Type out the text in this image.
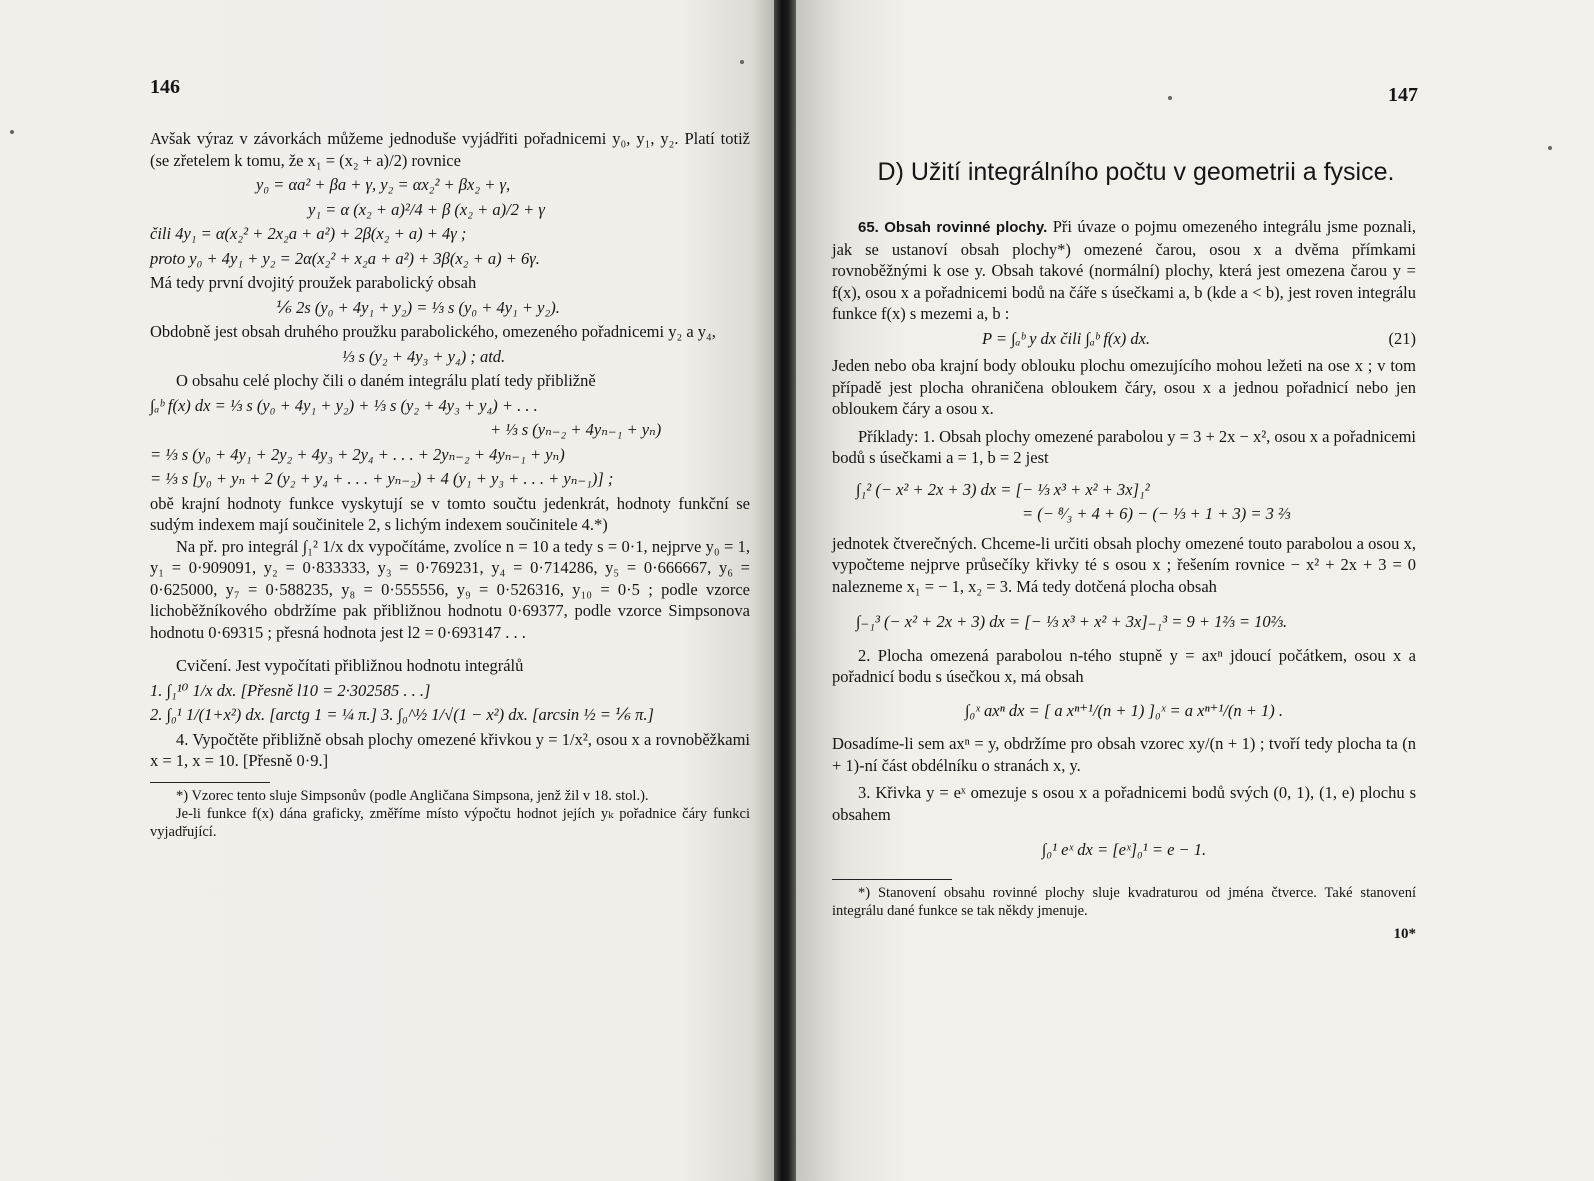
146

Avšak výraz v závorkách můžeme jednoduše vyjádřiti pořadnicemi y₀, y₁, y₂. Platí totiž (se zřetelem k tomu, že x₁ = (x₂ + a)/2) rovnice

y₀ = αa² + βa + γ, y₂ = αx₂² + βx₂ + γ,
y₁ = α (x₂ + a)²/4 + β (x₂ + a)/2 + γ
čili 4y₁ = α(x₂² + 2x₂a + a²) + 2β(x₂ + a) + 4γ ;
proto y₀ + 4y₁ + y₂ = 2α(x₂² + x₂a + a²) + 3β(x₂ + a) + 6γ.

Má tedy první dvojitý proužek parabolický obsah

⅙ 2s (y₀ + 4y₁ + y₂) = ⅓ s (y₀ + 4y₁ + y₂).

Obdobně jest obsah druhého proužku parabolického, omezeného pořadnicemi y₂ a y₄,

⅓ s (y₂ + 4y₃ + y₄) ; atd.

O obsahu celé plochy čili o daném integrálu platí tedy přibližně

∫ₐᵇ f(x) dx = ⅓ s (y₀ + 4y₁ + y₂) + ⅓ s (y₂ + 4y₃ + y₄) + . . .
+ ⅓ s (yₙ₋₂ + 4yₙ₋₁ + yₙ)
= ⅓ s (y₀ + 4y₁ + 2y₂ + 4y₃ + 2y₄ + . . . + 2yₙ₋₂ + 4yₙ₋₁ + yₙ)
= ⅓ s [y₀ + yₙ + 2 (y₂ + y₄ + . . . + yₙ₋₂) + 4 (y₁ + y₃ + . . . + yₙ₋₁)] ;

obě krajní hodnoty funkce vyskytují se v tomto součtu jedenkrát, hodnoty funkční se sudým indexem mají součinitele 2, s lichým indexem součinitele 4.*)

Na př. pro integrál ∫₁² 1/x dx vypočítáme, zvolíce n = 10 a tedy s = 0·1, nejprve y₀ = 1, y₁ = 0·909091, y₂ = 0·833333, y₃ = 0·769231, y₄ = 0·714286, y₅ = 0·666667, y₆ = 0·625000, y₇ = 0·588235, y₈ = 0·555556, y₉ = 0·526316, y₁₀ = 0·5 ; podle vzorce lichoběžníkového obdržíme pak přibližnou hodnotu 0·69377, podle vzorce Simpsonova hodnotu 0·69315 ; přesná hodnota jest l2 = 0·693147 . . .

Cvičení. Jest vypočítati přibližnou hodnotu integrálů

1. ∫₁¹⁰ 1/x dx. [Přesně l10 = 2·302585 . . .]
2. ∫₀¹ 1/(1+x²) dx. [arctg 1 = ¼ π.] 3. ∫₀^½ 1/√(1 − x²) dx. [arcsin ½ = ⅙ π.]

4. Vypočtěte přibližně obsah plochy omezené křivkou y = 1/x², osou x a rovnoběžkami x = 1, x = 10. [Přesně 0·9.]

*) Vzorec tento sluje Simpsonův (podle Angličana Simpsona, jenž žil v 18. stol.).

Je-li funkce f(x) dána graficky, změříme místo výpočtu hodnot jejích yₖ pořadnice čáry funkci vyjadřující.

147
D) Užití integrálního počtu v geometrii a fysice.

65. Obsah rovinné plochy. Při úvaze o pojmu omezeného integrálu jsme poznali, jak se ustanoví obsah plochy*) omezené čarou, osou x a dvěma přímkami rovnoběžnými k ose y. Obsah takové (normální) plochy, která jest omezena čarou y = f(x), osou x a pořadnicemi bodů na čáře s úsečkami a, b (kde a < b), jest roven integrálu funkce f(x) s mezemi a, b :

P = ∫ₐᵇ y dx čili ∫ₐᵇ f(x) dx.	(21)

Jeden nebo oba krajní body oblouku plochu omezujícího mohou ležeti na ose x ; v tom případě jest plocha ohraničena obloukem čáry, osou x a jednou pořadnicí nebo jen obloukem čáry a osou x.

Příklady: 1. Obsah plochy omezené parabolou y = 3 + 2x − x², osou x a pořadnicemi bodů s úsečkami a = 1, b = 2 jest

∫₁² (− x² + 2x + 3) dx = [− ⅓ x³ + x² + 3x]₁²
= (− ⁸⁄₃ + 4 + 6) − (− ⅓ + 1 + 3) = 3 ⅔

jednotek čtverečných. Chceme-li určiti obsah plochy omezené touto parabolou a osou x, vypočteme nejprve průsečíky křivky té s osou x ; řešením rovnice − x² + 2x + 3 = 0 nalezneme x₁ = − 1, x₂ = 3. Má tedy dotčená plocha obsah

∫₋₁³ (− x² + 2x + 3) dx = [− ⅓ x³ + x² + 3x]₋₁³ = 9 + 1⅔ = 10⅔.

2. Plocha omezená parabolou n-tého stupně y = axⁿ jdoucí počátkem, osou x a pořadnicí bodu s úsečkou x, má obsah

∫₀ˣ axⁿ dx = [ a xⁿ⁺¹/(n + 1) ]₀ˣ = a xⁿ⁺¹/(n + 1) .

Dosadíme-li sem axⁿ = y, obdržíme pro obsah vzorec xy/(n + 1) ; tvoří tedy plocha ta (n + 1)-ní část obdélníku o stranách x, y.

3. Křivka y = eˣ omezuje s osou x a pořadnicemi bodů svých (0, 1), (1, e) plochu s obsahem

∫₀¹ eˣ dx = [eˣ]₀¹ = e − 1.

*) Stanovení obsahu rovinné plochy sluje kvadraturou od jména čtverce. Také stanovení integrálu dané funkce se tak někdy jmenuje.

10*
